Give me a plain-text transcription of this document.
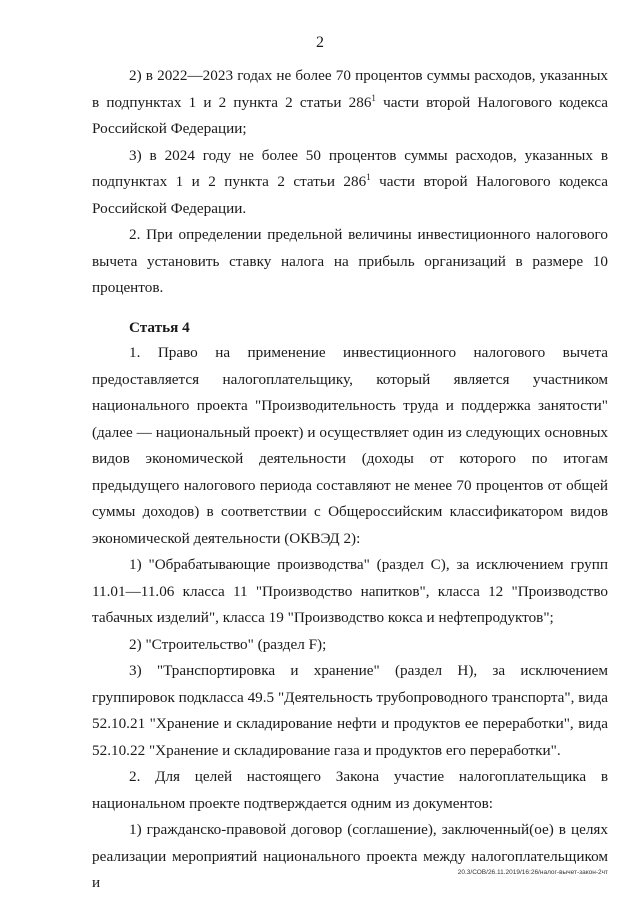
2

2) в 2022—2023 годах не более 70 процентов суммы расходов, указанных в подпунктах 1 и 2 пункта 2 статьи $286^1$ части второй Налогового кодекса Российской Федерации;

3) в 2024 году не более 50 процентов суммы расходов, указанных в подпунктах 1 и 2 пункта 2 статьи $286^1$ части второй Налогового кодекса Российской Федерации.

2. При определении предельной величины инвестиционного налогового вычета установить ставку налога на прибыль организаций в размере 10 процентов.

Статья 4

1. Право на применение инвестиционного налогового вычета предоставляется налогоплательщику, который является участником национального проекта "Производительность труда и поддержка занятости" (далее — национальный проект) и осуществляет один из следующих основных видов экономической деятельности (доходы от которого по итогам предыдущего налогового периода составляют не менее 70 процентов от общей суммы доходов) в соответствии с Общероссийским классификатором видов экономической деятельности (ОКВЭД 2):

1) "Обрабатывающие производства" (раздел C), за исключением групп 11.01—11.06 класса 11 "Производство напитков", класса 12 "Производство табачных изделий", класса 19 "Производство кокса и нефтепродуктов";

2) "Строительство" (раздел F);

3) "Транспортировка и хранение" (раздел H), за исключением группировок подкласса 49.5 "Деятельность трубопроводного транспорта", вида 52.10.21 "Хранение и складирование нефти и продуктов ее переработки", вида 52.10.22 "Хранение и складирование газа и продуктов его переработки".

2. Для целей настоящего Закона участие налогоплательщика в национальном проекте подтверждается одним из документов:

1) гражданско-правовой договор (соглашение), заключенный(ое) в целях реализации мероприятий национального проекта между налогоплательщиком и

20.3/СОВ/26.11.2019/16:26/налог-вычет-закон-2чт
